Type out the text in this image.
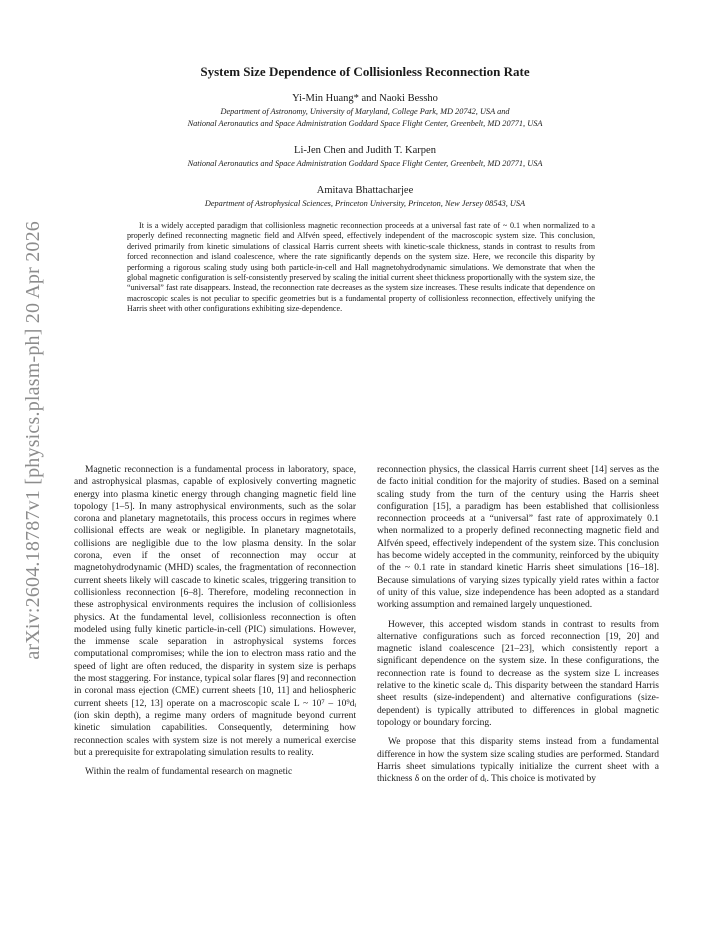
arXiv:2604.18787v1 [physics.plasm-ph] 20 Apr 2026
System Size Dependence of Collisionless Reconnection Rate
Yi-Min Huang* and Naoki Bessho
Department of Astronomy, University of Maryland, College Park, MD 20742, USA and
National Aeronautics and Space Administration Goddard Space Flight Center, Greenbelt, MD 20771, USA
Li-Jen Chen and Judith T. Karpen
National Aeronautics and Space Administration Goddard Space Flight Center, Greenbelt, MD 20771, USA
Amitava Bhattacharjee
Department of Astrophysical Sciences, Princeton University, Princeton, New Jersey 08543, USA

It is a widely accepted paradigm that collisionless magnetic reconnection proceeds at a universal fast rate of ~ 0.1 when normalized to a properly defined reconnecting magnetic field and Alfvén speed, effectively independent of the macroscopic system size. This conclusion, derived primarily from kinetic simulations of classical Harris current sheets with kinetic-scale thickness, stands in contrast to results from forced reconnection and island coalescence, where the rate significantly depends on the system size. Here, we reconcile this disparity by performing a rigorous scaling study using both particle-in-cell and Hall magnetohydrodynamic simulations. We demonstrate that when the global magnetic configuration is self-consistently preserved by scaling the initial current sheet thickness proportionally with the system size, the “universal” fast rate disappears. Instead, the reconnection rate decreases as the system size increases. These results indicate that dependence on macroscopic scales is not peculiar to specific geometries but is a fundamental property of collisionless reconnection, effectively unifying the Harris sheet with other configurations exhibiting size-dependence.

Magnetic reconnection is a fundamental process in laboratory, space, and astrophysical plasmas, capable of explosively converting magnetic energy into plasma kinetic energy through changing magnetic field line topology [1–5]. In many astrophysical environments, such as the solar corona and planetary magnetotails, this process occurs in regimes where collisional effects are weak or negligible. In planetary magnetotails, collisions are negligible due to the low plasma density. In the solar corona, even if the onset of reconnection may occur at magnetohydrodynamic (MHD) scales, the fragmentation of reconnection current sheets likely will cascade to kinetic scales, triggering transition to collisionless reconnection [6–8]. Therefore, modeling reconnection in these astrophysical environments requires the inclusion of collisionless physics. At the fundamental level, collisionless reconnection is often modeled using fully kinetic particle-in-cell (PIC) simulations. However, the immense scale separation in astrophysical systems forces computational compromises; while the ion to electron mass ratio and the speed of light are often reduced, the disparity in system size is perhaps the most staggering. For instance, typical solar flares [9] and reconnection in coronal mass ejection (CME) current sheets [10, 11] and heliospheric current sheets [12, 13] operate on a macroscopic scale L ~ 10⁷ – 10⁹dᵢ (ion skin depth), a regime many orders of magnitude beyond current kinetic simulation capabilities. Consequently, determining how reconnection scales with system size is not merely a numerical exercise but a prerequisite for extrapolating simulation results to reality.

Within the realm of fundamental research on magnetic

reconnection physics, the classical Harris current sheet [14] serves as the de facto initial condition for the majority of studies. Based on a seminal scaling study from the turn of the century using the Harris sheet configuration [15], a paradigm has been established that collisionless reconnection proceeds at a “universal” fast rate of approximately 0.1 when normalized to a properly defined reconnecting magnetic field and Alfvén speed, effectively independent of the system size. This conclusion has become widely accepted in the community, reinforced by the ubiquity of the ~ 0.1 rate in standard kinetic Harris sheet simulations [16–18]. Because simulations of varying sizes typically yield rates within a factor of unity of this value, size independence has been adopted as a standard working assumption and remained largely unquestioned.

However, this accepted wisdom stands in contrast to results from alternative configurations such as forced reconnection [19, 20] and magnetic island coalescence [21–23], which consistently report a significant dependence on the system size. In these configurations, the reconnection rate is found to decrease as the system size L increases relative to the kinetic scale dᵢ. This disparity between the standard Harris sheet results (size-independent) and alternative configurations (size-dependent) is typically attributed to differences in global magnetic topology or boundary forcing.

We propose that this disparity stems instead from a fundamental difference in how the system size scaling studies are performed. Standard Harris sheet simulations typically initialize the current sheet with a thickness δ on the order of dᵢ. This choice is motivated by
